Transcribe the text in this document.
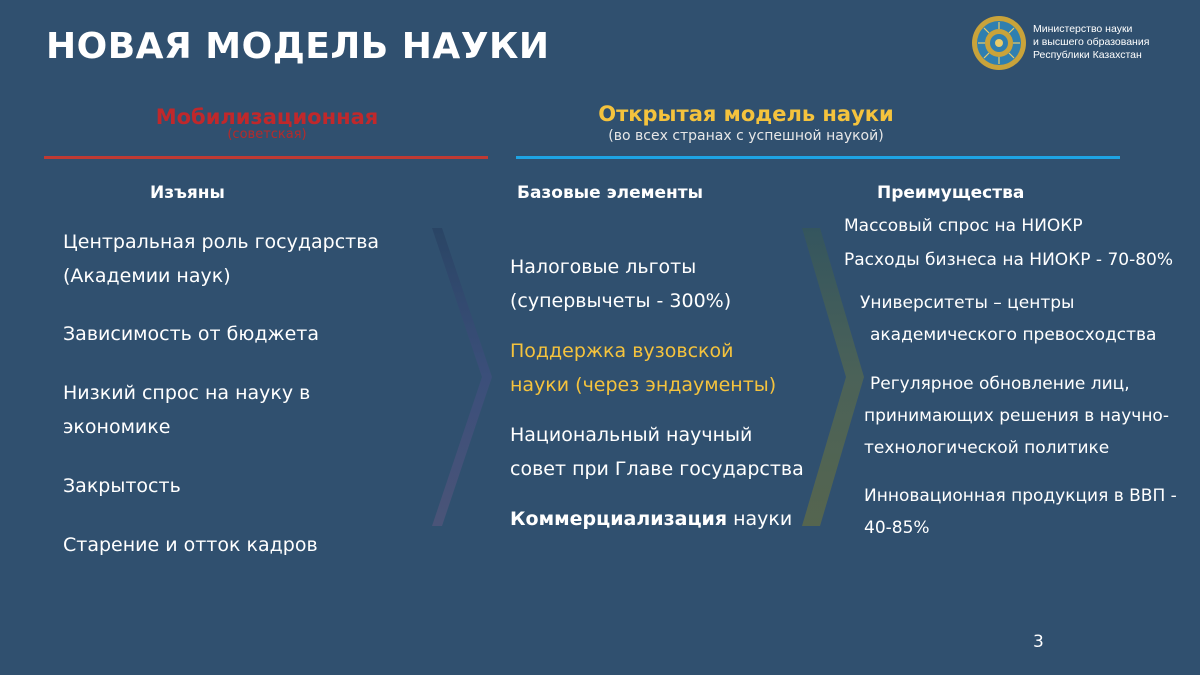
НОВАЯ МОДЕЛЬ НАУКИ	Министерство науки
и высшего образования
Республики Казахстан
Мобилизационная
(советская)
Открытая модель науки
(во всех странах с успешной наукой)
Изъяны	Базовые элементы	Преимущества
Центральная роль государства
(Академии наук)
Зависимость от бюджета
Низкий спрос на науку в
экономике
Закрытость
Старение и отток кадров
Налоговые льготы
(супервычеты - 300%)
Поддержка вузовской
науки (через эндаументы)
Национальный научный
совет при Главе государства
Коммерциализация науки
Массовый спрос на НИОКР
Расходы бизнеса на НИОКР - 70-80%
Университеты – центры
академического превосходства
Регулярное обновление лиц,
принимающих решения в научно-
технологической политике
Инновационная продукция в ВВП -
40-85%
3
